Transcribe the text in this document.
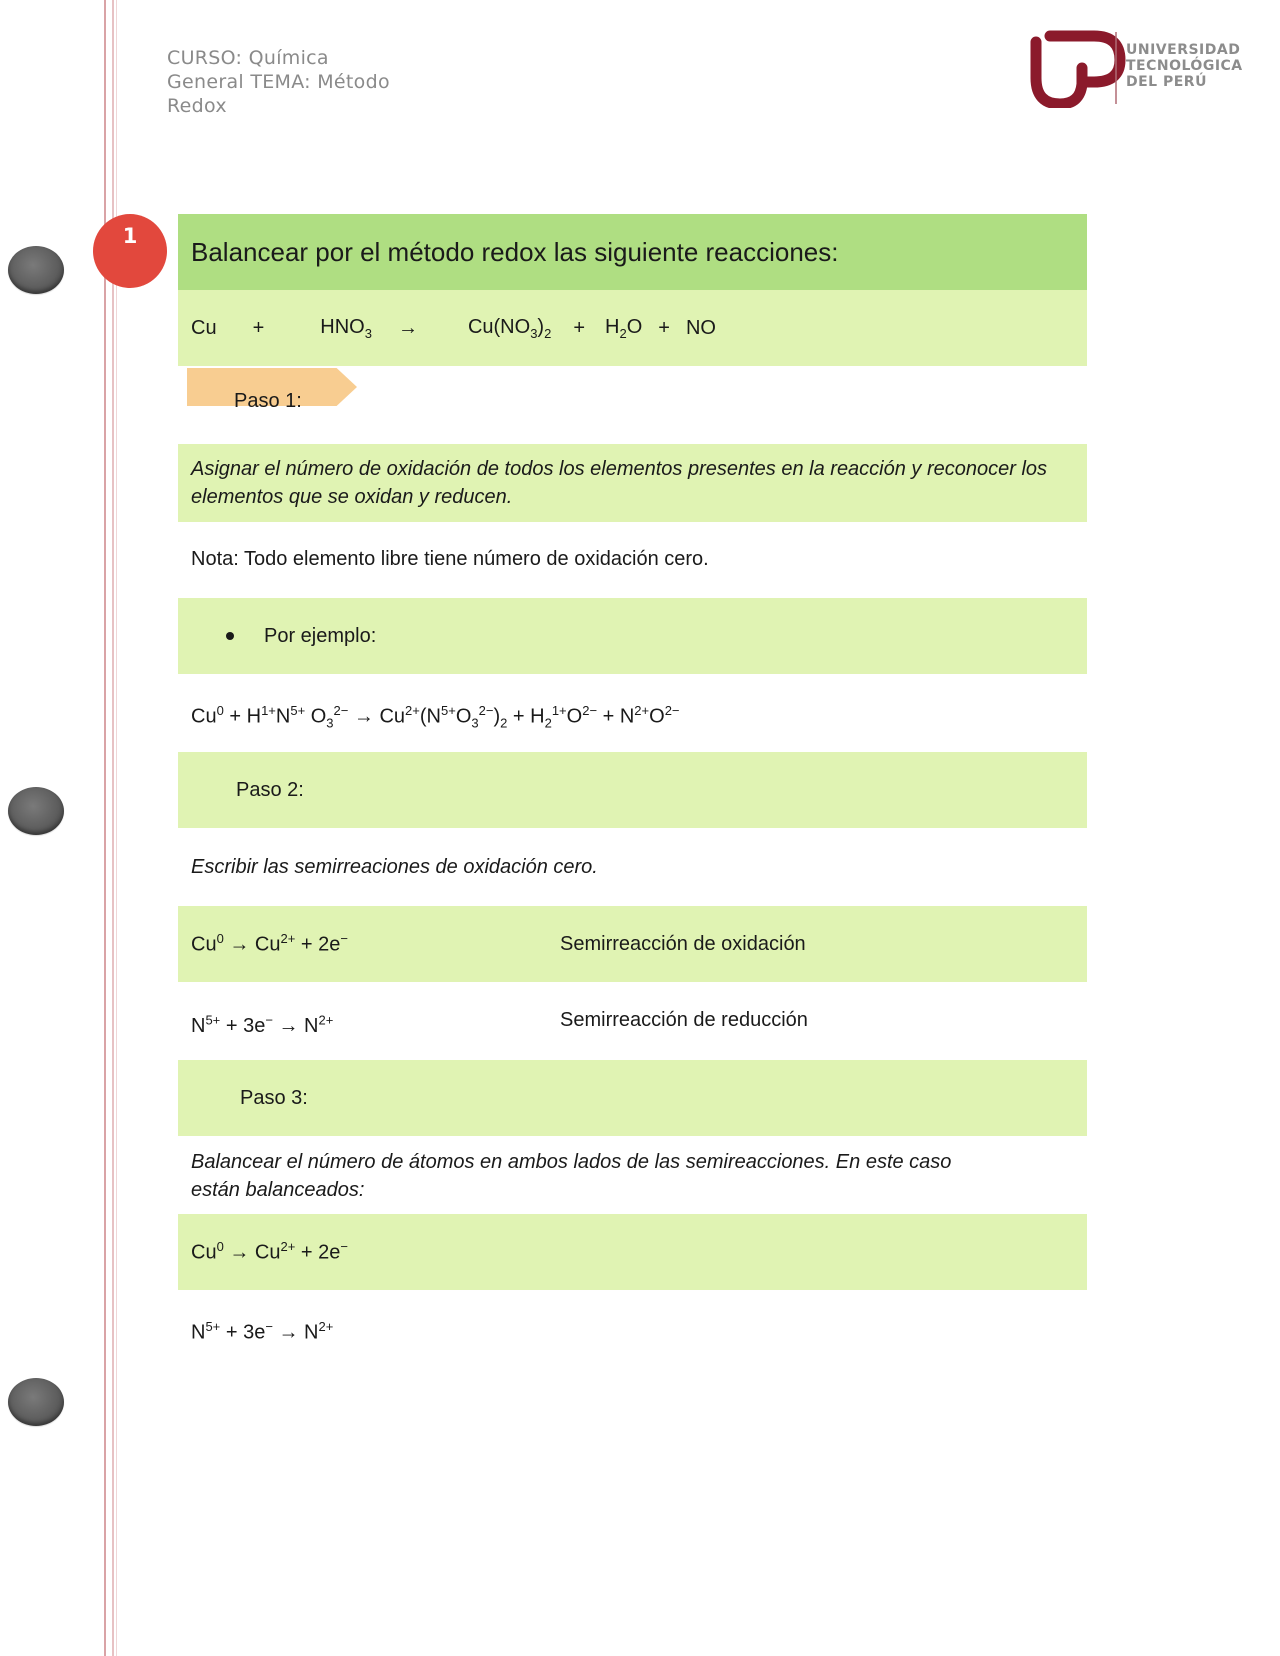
CURSO: Química
General TEMA: Método
Redox
UNIVERSIDAD
TECNOLÓGICA
DEL PERÚ
1
Balancear por el método redox las siguiente reacciones:
Cu +	$HNO_3$ →	$Cu(NO_3)_2 + H_2O$ + NO
Paso 1:
Asignar el número de oxidación de todos los elementos presentes en la reacción y reconocer los elementos que se oxidan y reducen.
Nota: Todo elemento libre tiene número de oxidación cero.
Por ejemplo:
$Cu^0 + H^{1+}N^{5+}$ $O_3^{2-} \to Cu^{2+}(N^{5+}O_3^{2-})_2 + H_2^{1+}O^{2-} + N^{2+}O^{2-}$
Paso 2:
Escribir las semirreaciones de oxidación cero.
$Cu^0 \to Cu^{2+} + 2e^-$	Semirreacción de oxidación
$N^{5+} + 3e^- \to N^{2+}$	Semirreacción de reducción
Paso 3:
Balancear el número de átomos en ambos lados de las semireacciones. En este caso
están balanceados:
$Cu^0 \to Cu^{2+} + 2e^-$
$N^{5+} + 3e^- \to N^{2+}$
